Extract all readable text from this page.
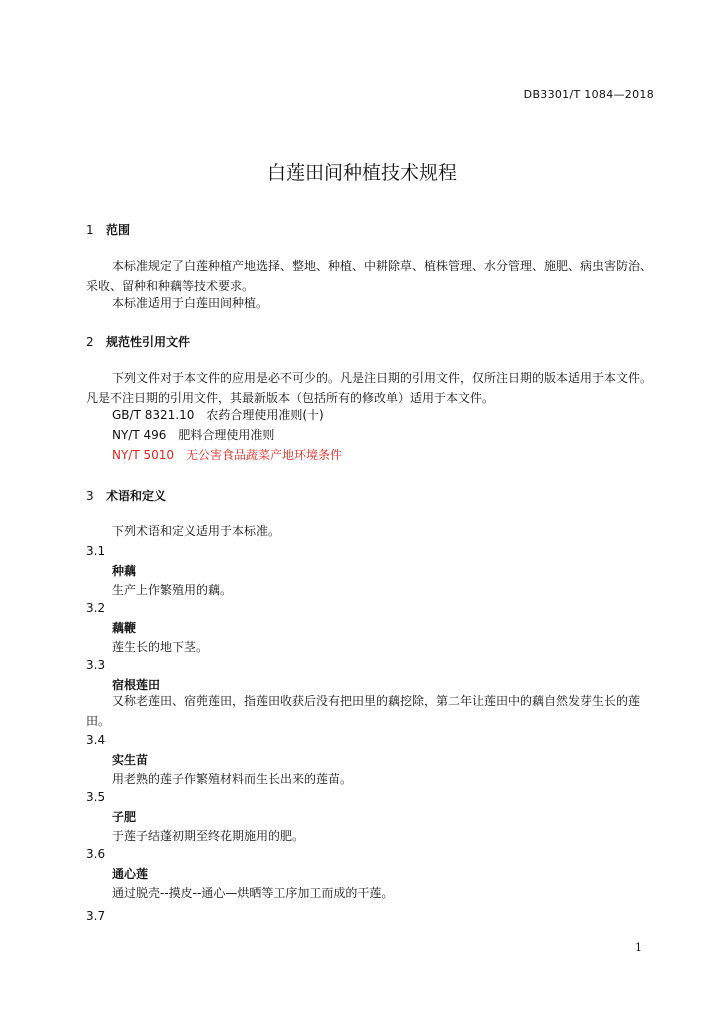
DB3301/T 1084—2018
白莲田间种植技术规程
1 范围
本标准规定了白莲种植产地选择、整地、种植、中耕除草、植株管理、水分管理、施肥、病虫害防治、采收、留种和种藕等技术要求。
本标准适用于白莲田间种植。
2 规范性引用文件
下列文件对于本文件的应用是必不可少的。凡是注日期的引用文件，仅所注日期的版本适用于本文件。凡是不注日期的引用文件，其最新版本（包括所有的修改单）适用于本文件。
GB/T 8321.10　农药合理使用准则(十)
NY/T 496　肥料合理使用准则
NY/T 5010　无公害食品蔬菜产地环境条件
3 术语和定义
下列术语和定义适用于本标准。
3.1
种藕
生产上作繁殖用的藕。
3.2
藕鞭
莲生长的地下茎。
3.3
宿根莲田
又称老莲田、宿蔸莲田，指莲田收获后没有把田里的藕挖除，第二年让莲田中的藕自然发芽生长的莲田。
3.4
实生苗
用老熟的莲子作繁殖材料而生长出来的莲苗。
3.5
子肥
于莲子结蓬初期至终花期施用的肥。
3.6
通心莲
通过脱壳--摸皮--通心—烘晒等工序加工而成的干莲。
3.7
1
